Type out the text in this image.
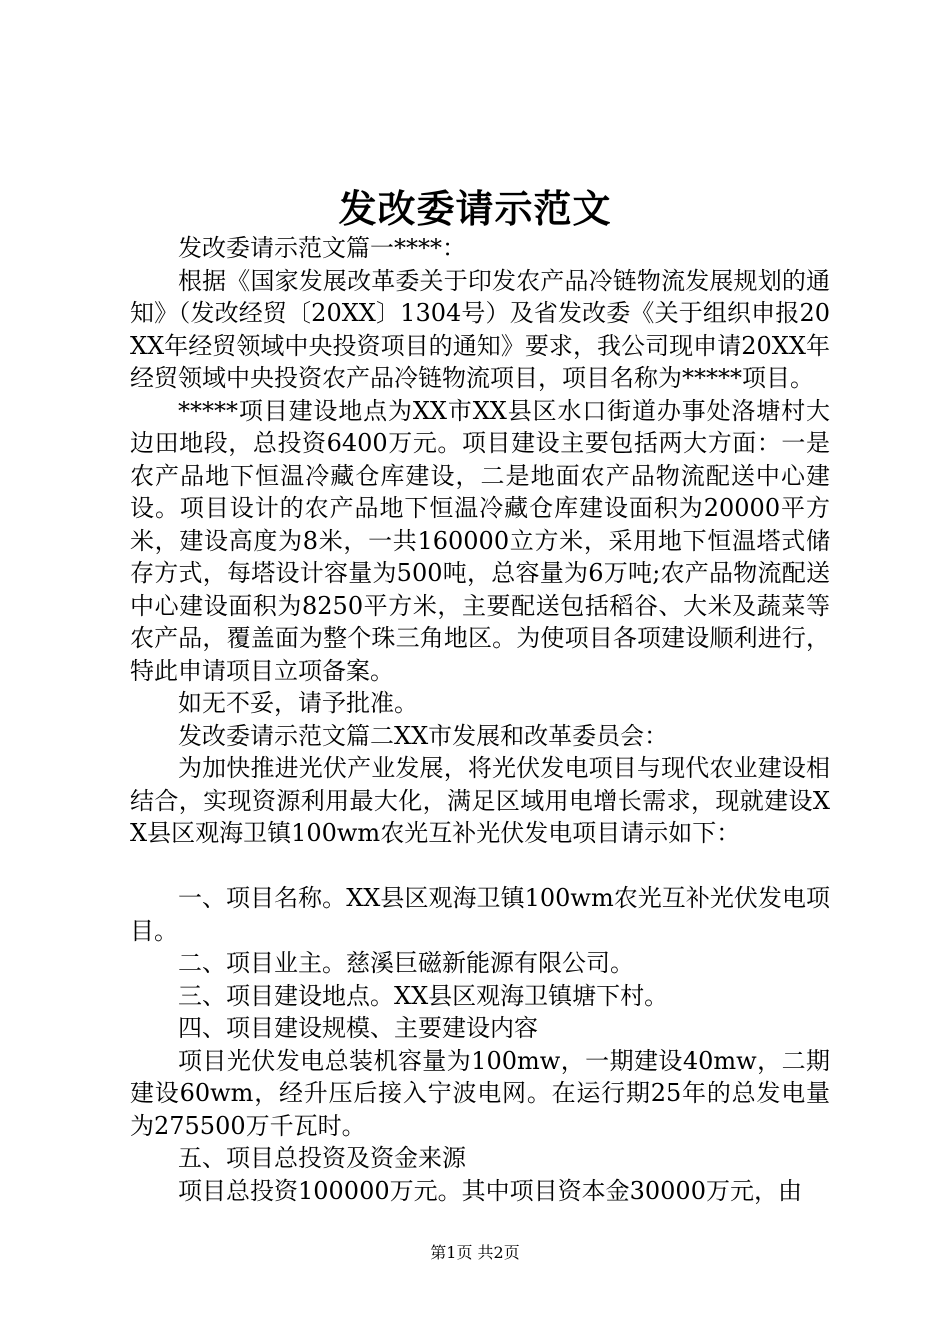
发改委请示范文

发改委请示范文篇一****：

根据《国家发展改革委关于印发农产品冷链物流发展规划的通知》（发改经贸〔20XX〕1304号）及省发改委《关于组织申报20XX年经贸领域中央投资项目的通知》要求，我公司现申请20XX年经贸领域中央投资农产品冷链物流项目，项目名称为*****项目。

*****项目建设地点为XX市XX县区水口街道办事处洛塘村大边田地段，总投资6400万元。项目建设主要包括两大方面：一是农产品地下恒温冷藏仓库建设，二是地面农产品物流配送中心建设。项目设计的农产品地下恒温冷藏仓库建设面积为20000平方米，建设高度为8米，一共160000立方米，采用地下恒温塔式储存方式，每塔设计容量为500吨，总容量为6万吨;农产品物流配送中心建设面积为8250平方米，主要配送包括稻谷、大米及蔬菜等农产品，覆盖面为整个珠三角地区。为使项目各项建设顺利进行，特此申请项目立项备案。

如无不妥，请予批准。

发改委请示范文篇二XX市发展和改革委员会：

为加快推进光伏产业发展，将光伏发电项目与现代农业建设相结合，实现资源利用最大化，满足区域用电增长需求，现就建设XX县区观海卫镇100wm农光互补光伏发电项目请示如下：

一、项目名称。XX县区观海卫镇100wm农光互补光伏发电项目。

二、项目业主。慈溪巨磁新能源有限公司。

三、项目建设地点。XX县区观海卫镇塘下村。

四、项目建设规模、主要建设内容

项目光伏发电总装机容量为100mw，一期建设40mw，二期建设60wm，经升压后接入宁波电网。在运行期25年的总发电量为275500万千瓦时。

五、项目总投资及资金来源

项目总投资100000万元。其中项目资本金30000万元，由

第1页 共2页
